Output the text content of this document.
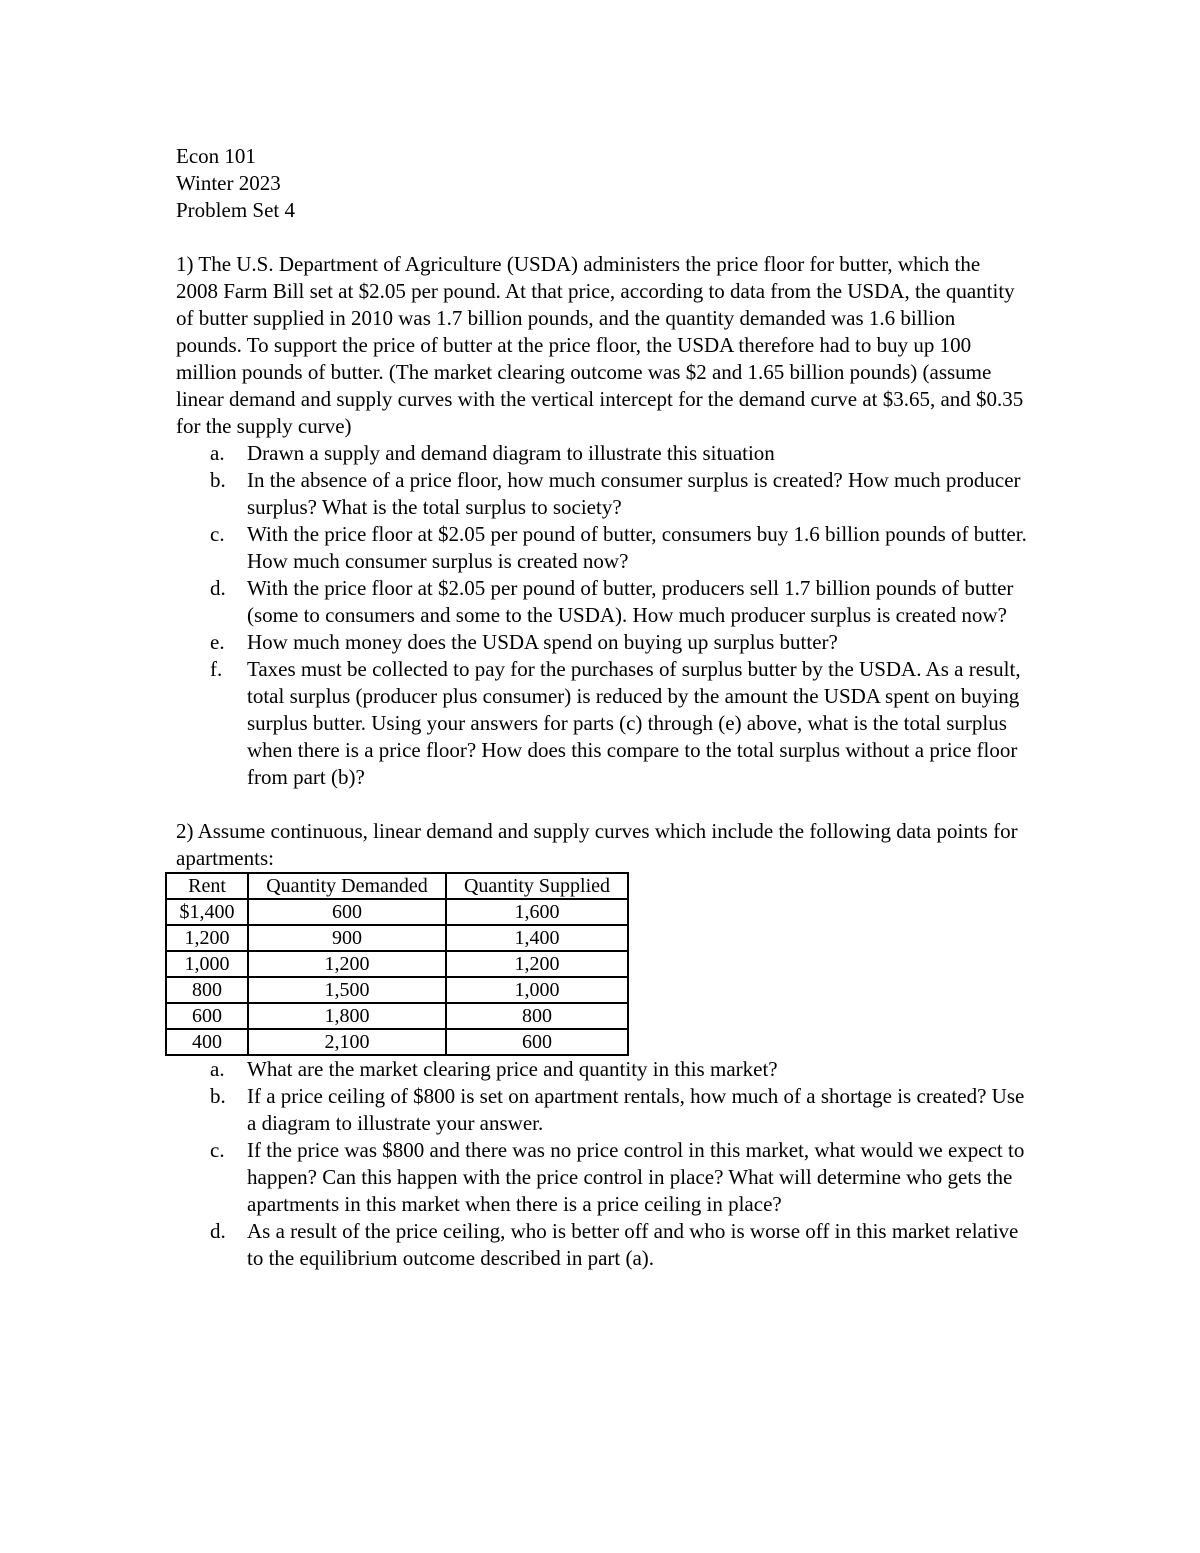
Econ 101
Winter 2023
Problem Set 4

1) The U.S. Department of Agriculture (USDA) administers the price floor for butter, which the 2008 Farm Bill set at $2.05 per pound. At that price, according to data from the USDA, the quantity of butter supplied in 2010 was 1.7 billion pounds, and the quantity demanded was 1.6 billion pounds. To support the price of butter at the price floor, the USDA therefore had to buy up 100 million pounds of butter. (The market clearing outcome was $2 and 1.65 billion pounds) (assume linear demand and supply curves with the vertical intercept for the demand curve at $3.65, and $0.35 for the supply curve)

a. Drawn a supply and demand diagram to illustrate this situation
b. In the absence of a price floor, how much consumer surplus is created? How much producer surplus? What is the total surplus to society?
c. With the price floor at $2.05 per pound of butter, consumers buy 1.6 billion pounds of butter. How much consumer surplus is created now?
d. With the price floor at $2.05 per pound of butter, producers sell 1.7 billion pounds of butter (some to consumers and some to the USDA). How much producer surplus is created now?
e. How much money does the USDA spend on buying up surplus butter?
f. Taxes must be collected to pay for the purchases of surplus butter by the USDA. As a result, total surplus (producer plus consumer) is reduced by the amount the USDA spent on buying surplus butter. Using your answers for parts (c) through (e) above, what is the total surplus when there is a price floor? How does this compare to the total surplus without a price floor from part (b)?

2) Assume continuous, linear demand and supply curves which include the following data points for apartments:

Rent	Quantity Demanded	Quantity Supplied
$1,400	600	1,600
1,200	900	1,400
1,000	1,200	1,200
800	1,500	1,000
600	1,800	800
400	2,100	600
a. What are the market clearing price and quantity in this market?
b. If a price ceiling of $800 is set on apartment rentals, how much of a shortage is created? Use a diagram to illustrate your answer.
c. If the price was $800 and there was no price control in this market, what would we expect to happen? Can this happen with the price control in place? What will determine who gets the apartments in this market when there is a price ceiling in place?
d. As a result of the price ceiling, who is better off and who is worse off in this market relative to the equilibrium outcome described in part (a).
